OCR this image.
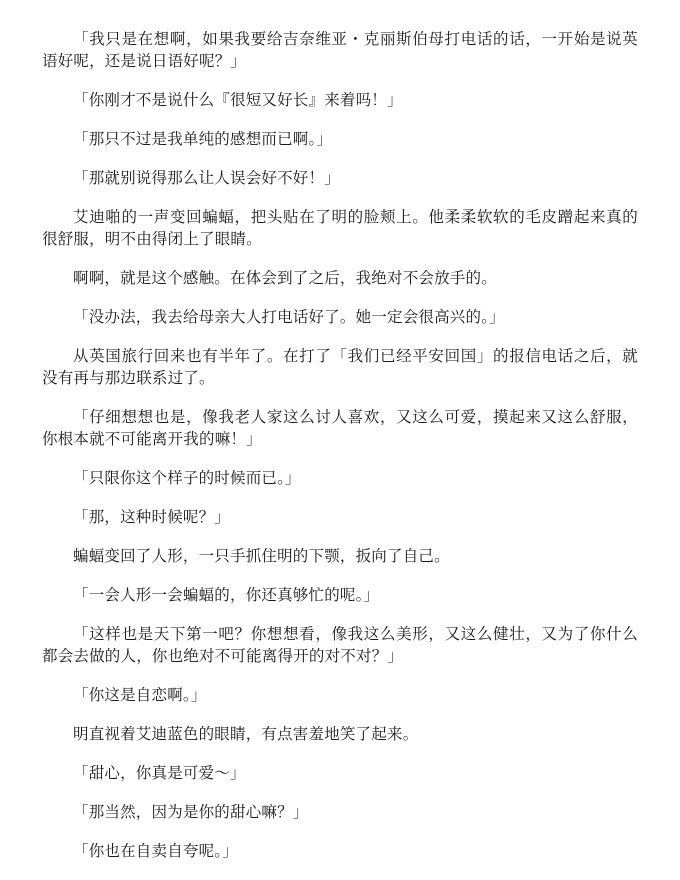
「我只是在想啊，如果我要给吉奈维亚・克丽斯伯母打电话的话，一开始是说英语好呢，还是说日语好呢？」

「你刚才不是说什么『很短又好长』来着吗！」

「那只不过是我单纯的感想而已啊。」

「那就别说得那么让人误会好不好！」

艾迪啪的一声变回蝙蝠，把头贴在了明的脸颊上。他柔柔软软的毛皮蹭起来真的很舒服，明不由得闭上了眼睛。

啊啊，就是这个感触。在体会到了之后，我绝对不会放手的。

「没办法，我去给母亲大人打电话好了。她一定会很高兴的。」

从英国旅行回来也有半年了。在打了「我们已经平安回国」的报信电话之后，就没有再与那边联系过了。

「仔细想想也是，像我老人家这么讨人喜欢，又这么可爱，摸起来又这么舒服，你根本就不可能离开我的嘛！」

「只限你这个样子的时候而已。」

「那，这种时候呢？」

蝙蝠变回了人形，一只手抓住明的下颚，扳向了自己。

「一会人形一会蝙蝠的，你还真够忙的呢。」

「这样也是天下第一吧？你想想看，像我这么美形，又这么健壮，又为了你什么都会去做的人，你也绝对不可能离得开的对不对？」

「你这是自恋啊。」

明直视着艾迪蓝色的眼睛，有点害羞地笑了起来。

「甜心，你真是可爱～」

「那当然，因为是你的甜心嘛？」

「你也在自卖自夸呢。」
